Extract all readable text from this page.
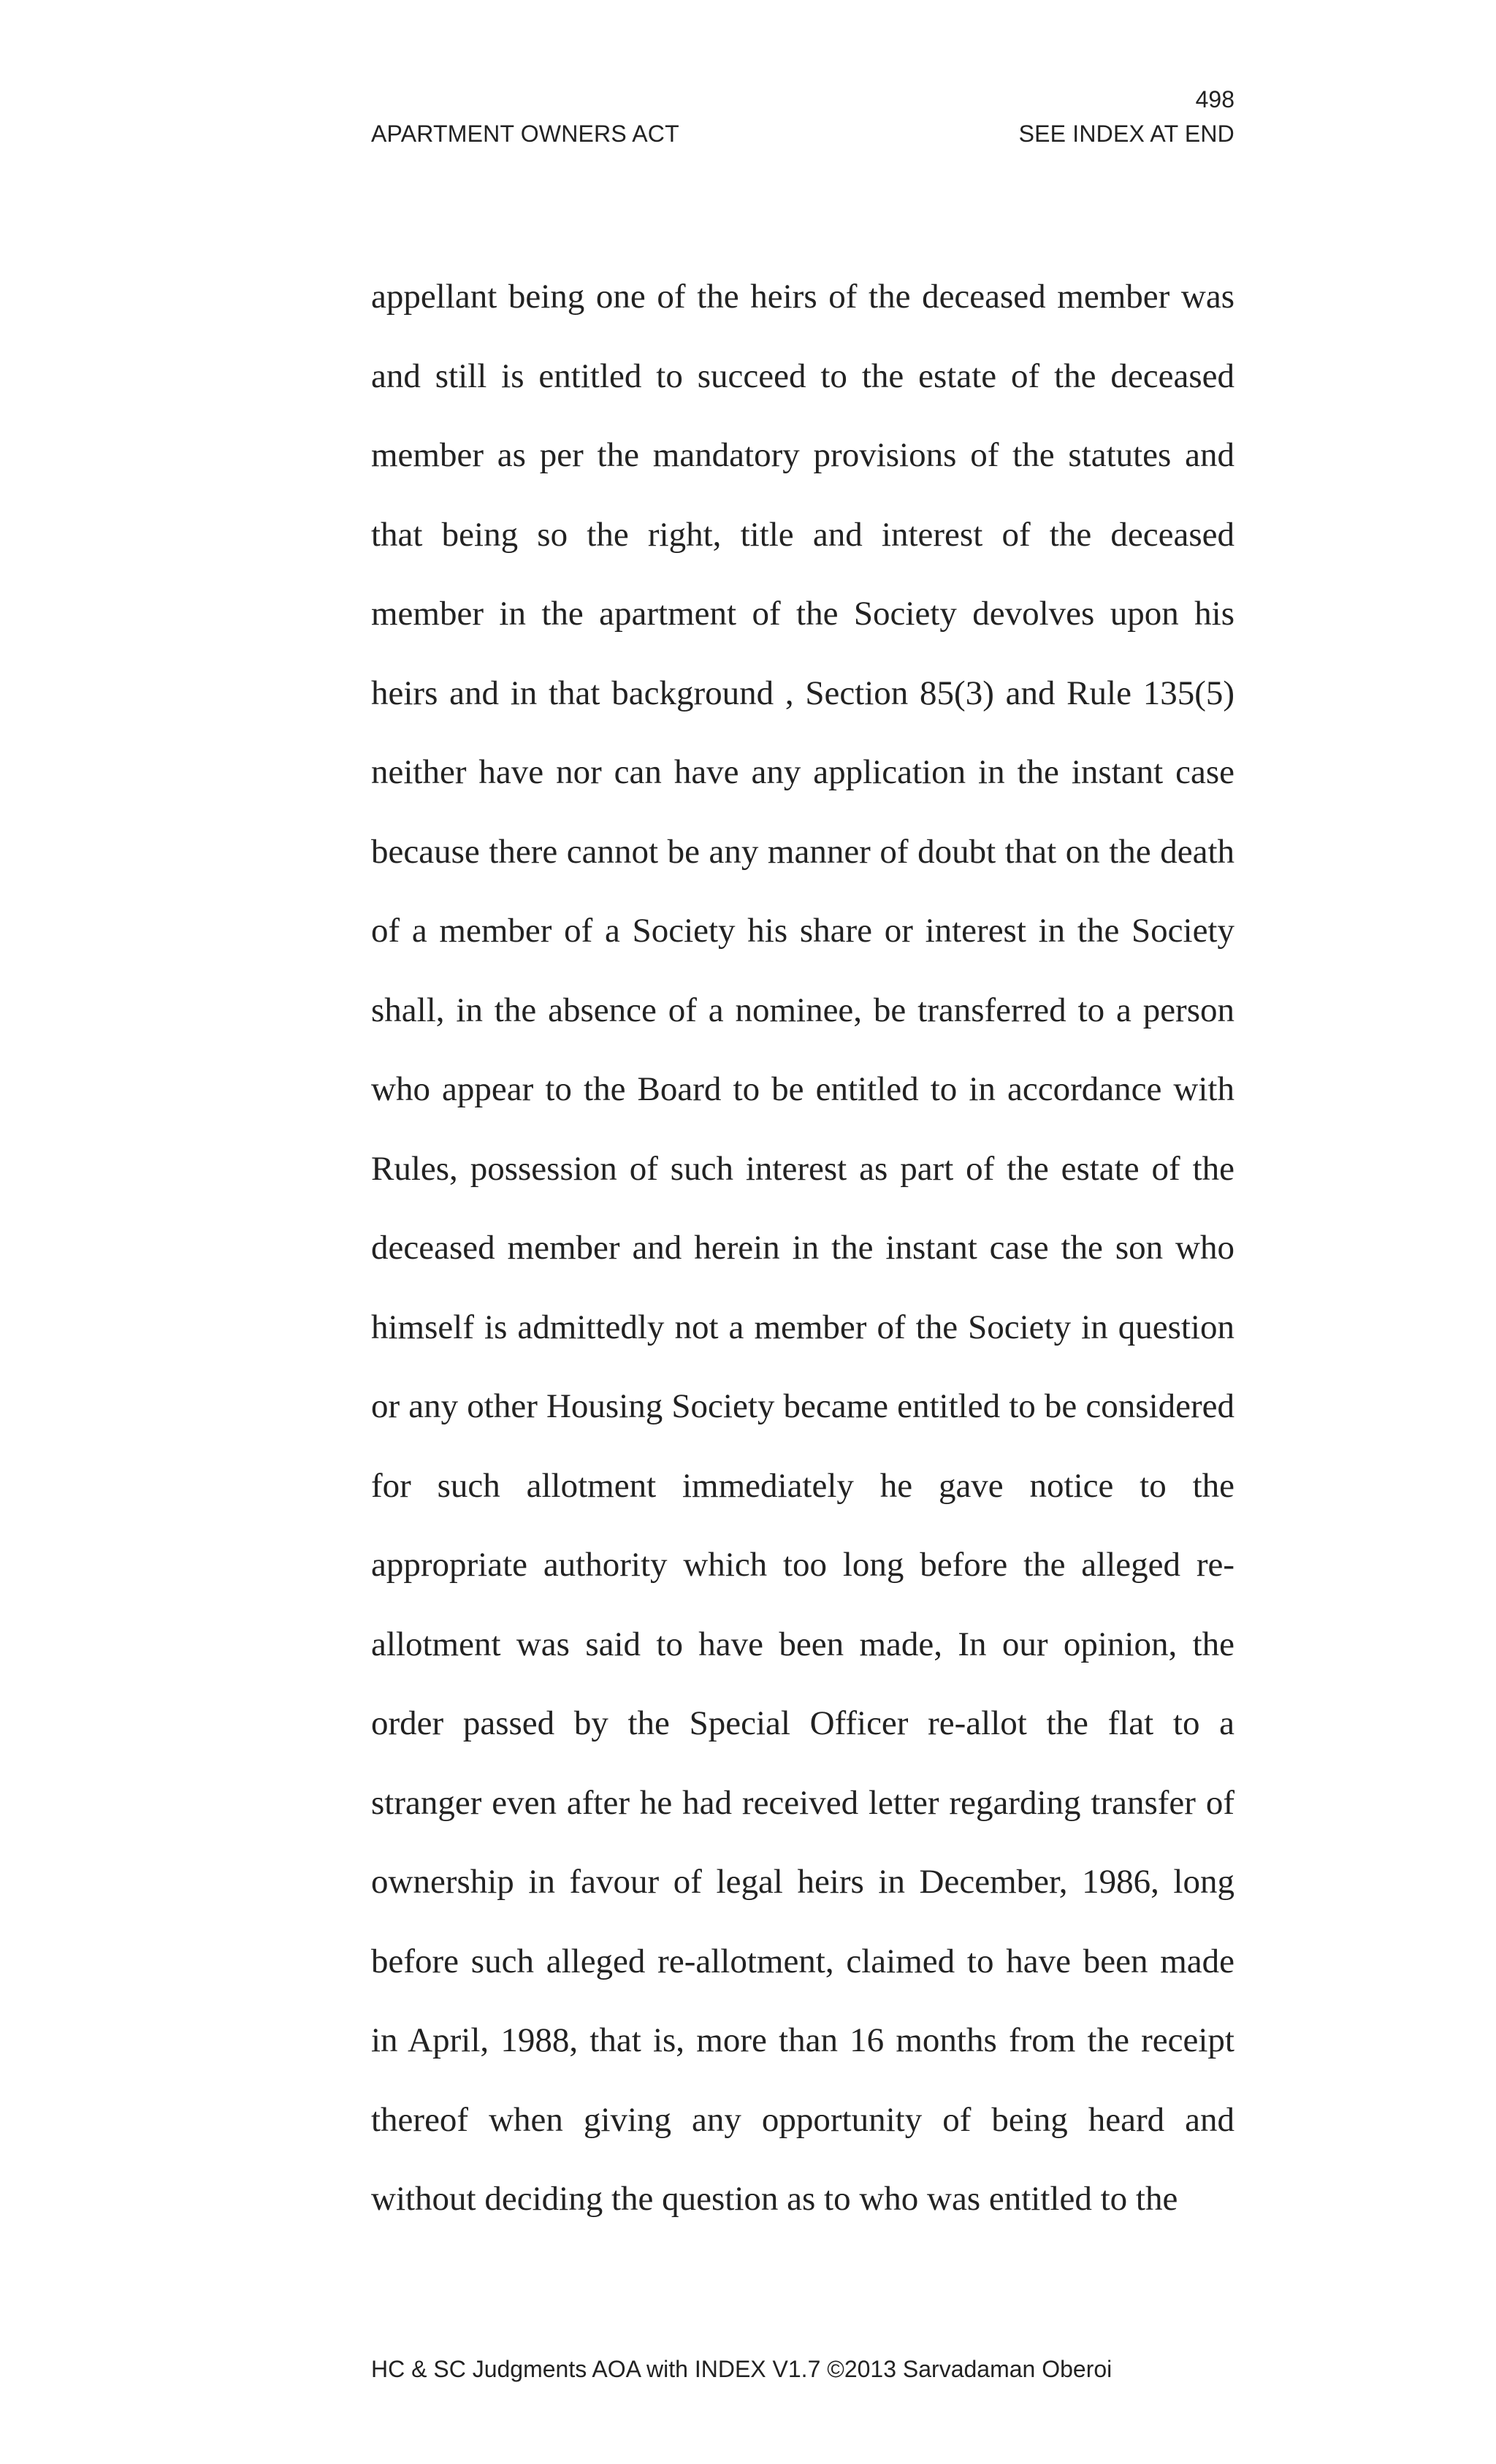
498
APARTMENT OWNERS ACT	SEE INDEX AT END

appellant being one of the heirs of the deceased member was and still is entitled to succeed to the estate of the deceased member as per the mandatory provisions of the statutes and that being so the right, title and interest of the deceased member in the apartment of the Society devolves upon his heirs and in that background , Section 85(3) and Rule 135(5) neither have nor can have any application in the instant case because there cannot be any manner of doubt that on the death of a member of a Society his share or interest in the Society shall, in the absence of a nominee, be transferred to a person who appear to the Board to be entitled to in accordance with Rules, possession of such interest as part of the estate of the deceased member and herein in the instant case the son who himself is admittedly not a member of the Society in question or any other Housing Society became entitled to be considered for such allotment immediately he gave notice to the appropriate authority which too long before the alleged re-allotment was said to have been made, In our opinion, the order passed by the Special Officer re-allot the flat to a stranger even after he had received letter regarding transfer of ownership in favour of legal heirs in December, 1986, long before such alleged re-allotment, claimed to have been made in April, 1988, that is, more than 16 months from the receipt thereof when giving any opportunity of being heard and without deciding the question as to who was entitled to the

HC & SC Judgments AOA with INDEX V1.7 ©2013 Sarvadaman Oberoi
